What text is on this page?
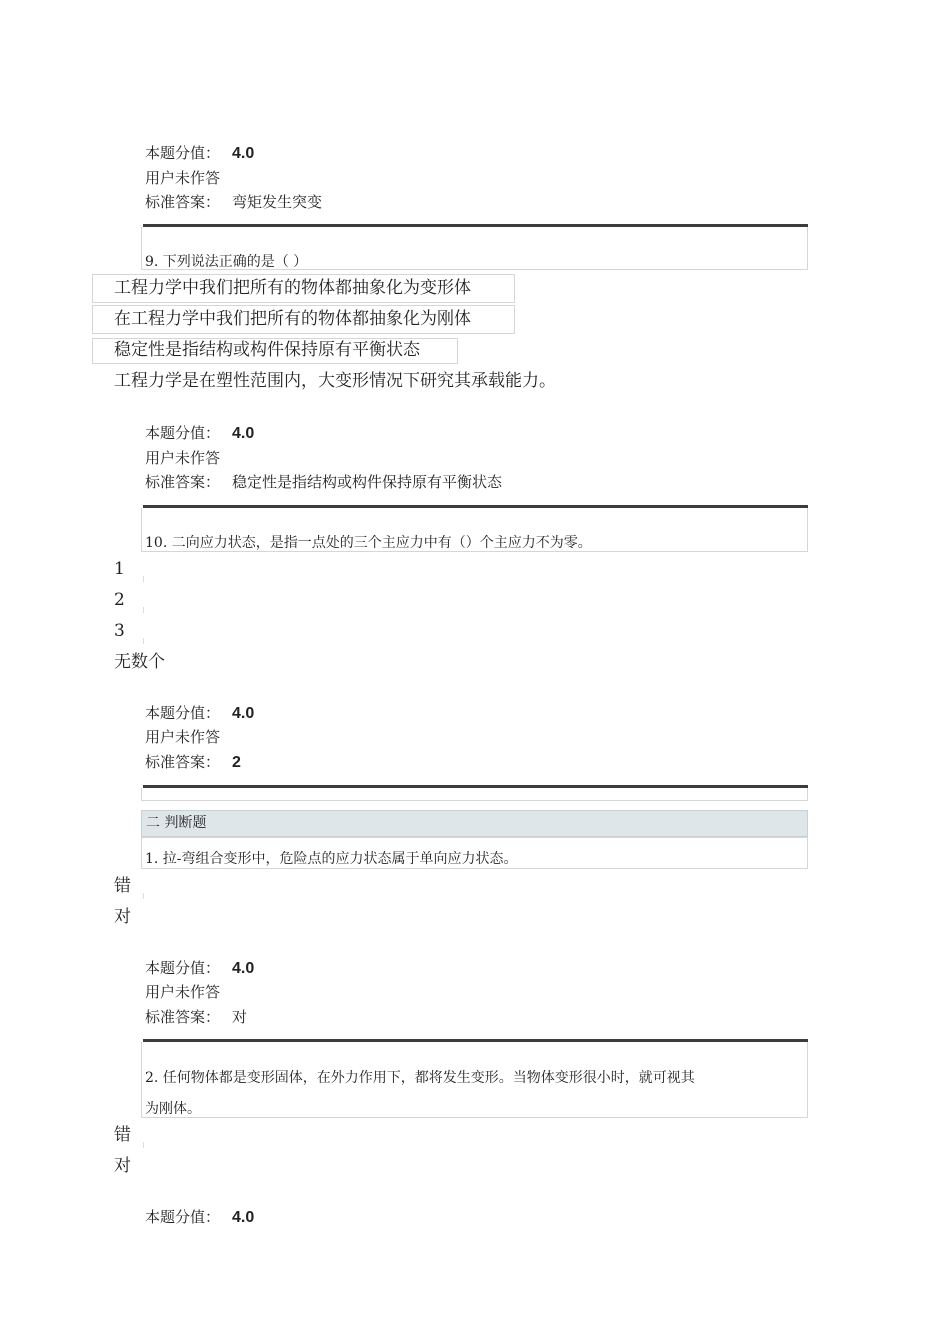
本题分值： 4.0
用户未作答
标准答案： 弯矩发生突变
9. 下列说法正确的是（ ）
工程力学中我们把所有的物体都抽象化为变形体
在工程力学中我们把所有的物体都抽象化为刚体
稳定性是指结构或构件保持原有平衡状态
工程力学是在塑性范围内，大变形情况下研究其承载能力。
本题分值： 4.0
用户未作答
标准答案： 稳定性是指结构或构件保持原有平衡状态
10. 二向应力状态，是指一点处的三个主应力中有（）个主应力不为零。
1
2
3
无数个
本题分值： 4.0
用户未作答
标准答案： 2
二 判断题
1. 拉-弯组合变形中，危险点的应力状态属于单向应力状态。
错
对
本题分值： 4.0
用户未作答
标准答案： 对
2. 任何物体都是变形固体，在外力作用下，都将发生变形。当物体变形很小时，就可视其
为刚体。
错
对
本题分值： 4.0
